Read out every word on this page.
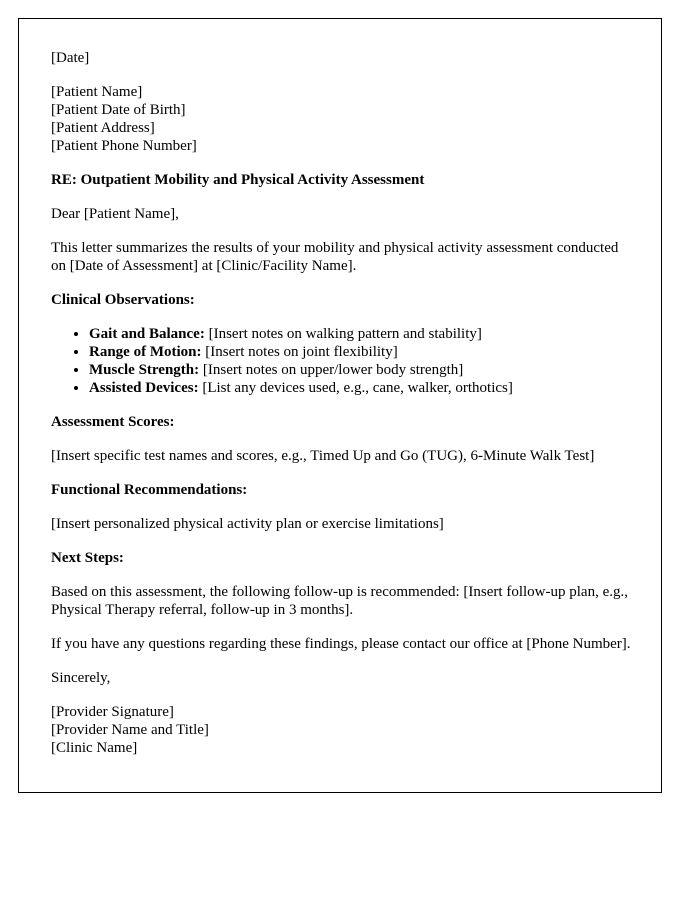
[Date]

[Patient Name]
[Patient Date of Birth]
[Patient Address]
[Patient Phone Number]

RE: Outpatient Mobility and Physical Activity Assessment

Dear [Patient Name],

This letter summarizes the results of your mobility and physical activity assessment conducted on [Date of Assessment] at [Clinic/Facility Name].

Clinical Observations:

• Gait and Balance: [Insert notes on walking pattern and stability]
• Range of Motion: [Insert notes on joint flexibility]
• Muscle Strength: [Insert notes on upper/lower body strength]
• Assisted Devices: [List any devices used, e.g., cane, walker, orthotics]

Assessment Scores:

[Insert specific test names and scores, e.g., Timed Up and Go (TUG), 6-Minute Walk Test]

Functional Recommendations:

[Insert personalized physical activity plan or exercise limitations]

Next Steps:

Based on this assessment, the following follow-up is recommended: [Insert follow-up plan, e.g., Physical Therapy referral, follow-up in 3 months].

If you have any questions regarding these findings, please contact our office at [Phone Number].

Sincerely,

[Provider Signature]
[Provider Name and Title]
[Clinic Name]
